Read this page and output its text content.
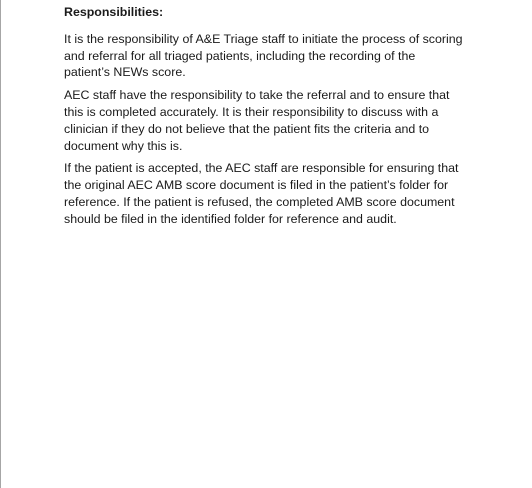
Responsibilities:

It is the responsibility of A&E Triage staff to initiate the process of scoring and referral for all triaged patients, including the recording of the patient’s NEWs score.

AEC staff have the responsibility to take the referral and to ensure that this is completed accurately. It is their responsibility to discuss with a clinician if they do not believe that the patient fits the criteria and to document why this is.

If the patient is accepted, the AEC staff are responsible for ensuring that the original AEC AMB score document is filed in the patient’s folder for reference. If the patient is refused, the completed AMB score document should be filed in the identified folder for reference and audit.
